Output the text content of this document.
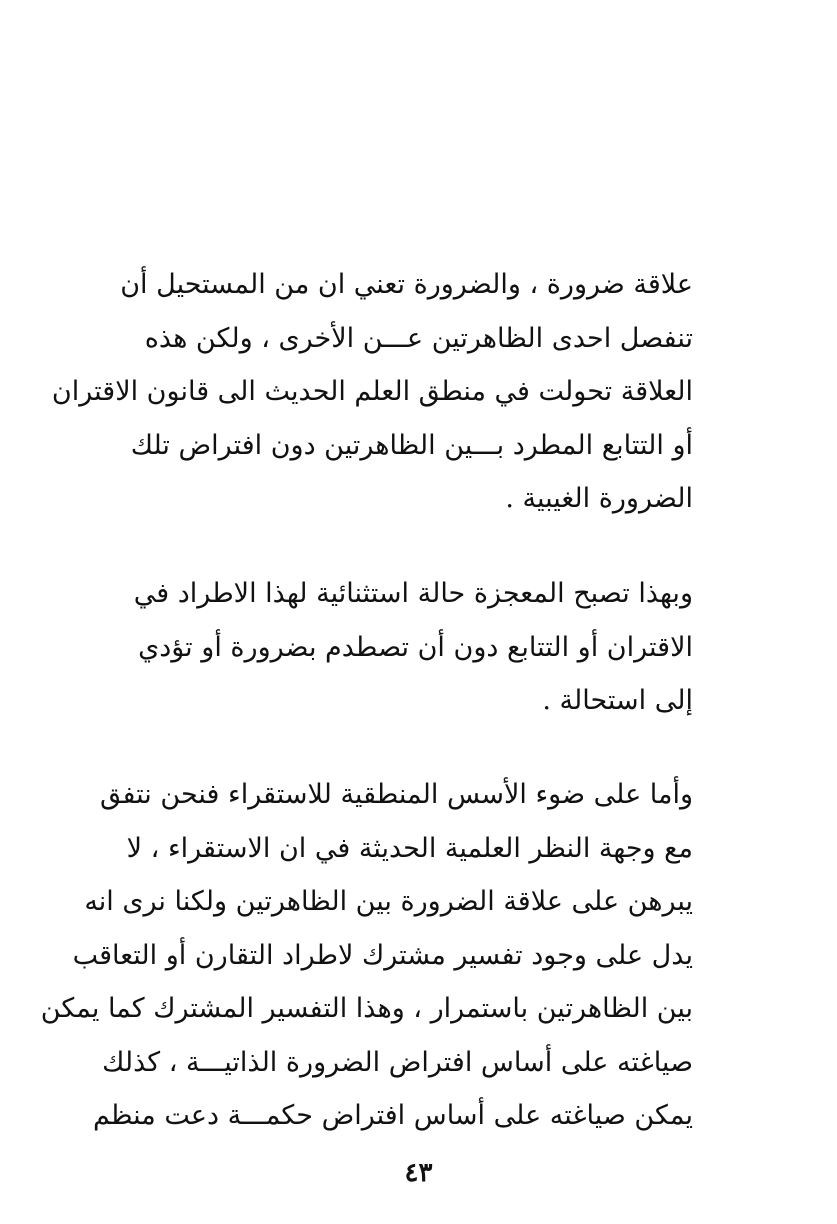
علاقة ضرورة ، والضرورة تعني ان من المستحيل أن
تنفصل احدى الظاهرتين عـــن الأخرى ، ولكن هذه
العلاقة تحولت في منطق العلم الحديث الى قانون الاقتران
أو التتابع المطرد بـــين الظاهرتين دون افتراض تلك
الضرورة الغيبية .
وبهذا تصبح المعجزة حالة استثنائية لهذا الاطراد في
الاقتران أو التتابع دون أن تصطدم بضرورة أو تؤدي
إلى استحالة .
وأما على ضوء الأسس المنطقية للاستقراء فنحن نتفق
مع وجهة النظر العلمية الحديثة في ان الاستقراء ، لا
يبرهن على علاقة الضرورة بين الظاهرتين ولكنا نرى انه
يدل على وجود تفسير مشترك لاطراد التقارن أو التعاقب
بين الظاهرتين باستمرار ، وهذا التفسير المشترك كما يمكن
صياغته على أساس افتراض الضرورة الذاتيـــة ، كذلك
يمكن صياغته على أساس افتراض حكمـــة دعت منظم
٤٣
